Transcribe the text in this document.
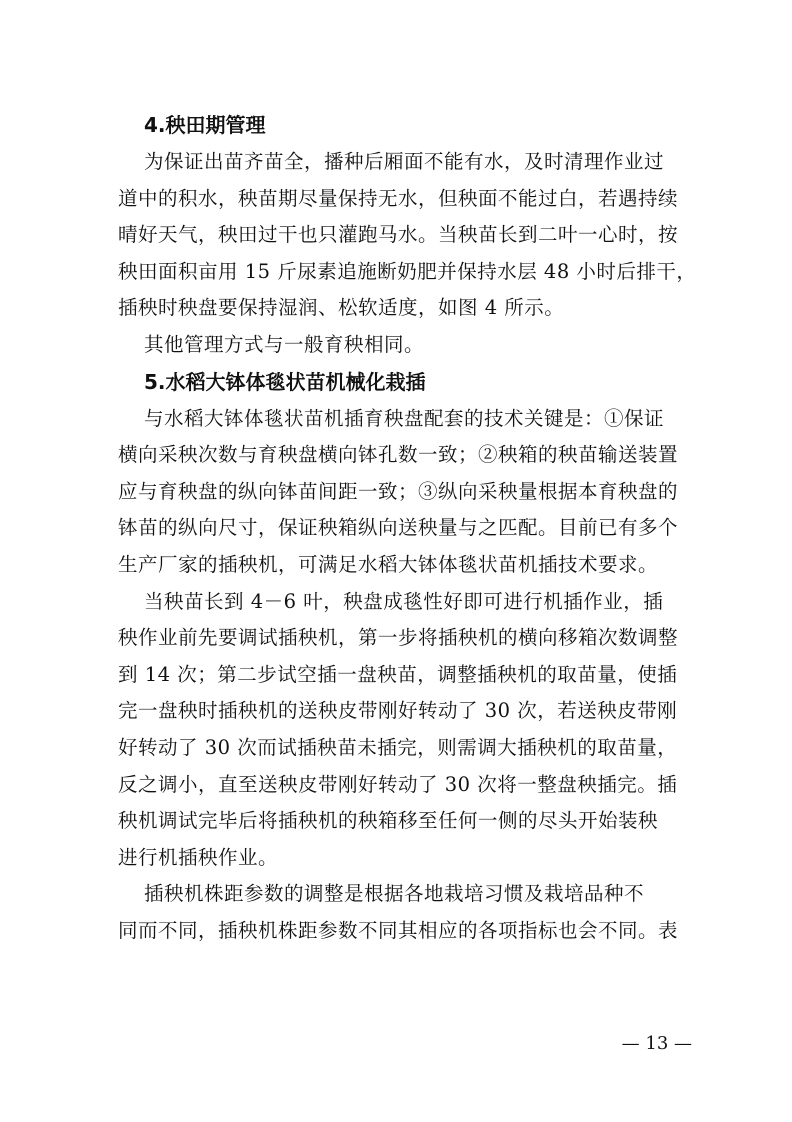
4.秧田期管理

为保证出苗齐苗全，播种后厢面不能有水，及时清理作业过
道中的积水，秧苗期尽量保持无水，但秧面不能过白，若遇持续
晴好天气，秧田过干也只灌跑马水。当秧苗长到二叶一心时，按
秧田面积亩用 15 斤尿素追施断奶肥并保持水层 48 小时后排干，
插秧时秧盘要保持湿润、松软适度，如图 4 所示。

其他管理方式与一般育秧相同。

5.水稻大钵体毯状苗机械化栽插

与水稻大钵体毯状苗机插育秧盘配套的技术关键是：①保证
横向采秧次数与育秧盘横向钵孔数一致；②秧箱的秧苗输送装置
应与育秧盘的纵向钵苗间距一致；③纵向采秧量根据本育秧盘的
钵苗的纵向尺寸，保证秧箱纵向送秧量与之匹配。目前已有多个
生产厂家的插秧机，可满足水稻大钵体毯状苗机插技术要求。

当秧苗长到 4－6 叶，秧盘成毯性好即可进行机插作业，插
秧作业前先要调试插秧机，第一步将插秧机的横向移箱次数调整
到 14 次；第二步试空插一盘秧苗，调整插秧机的取苗量，使插
完一盘秧时插秧机的送秧皮带刚好转动了 30 次，若送秧皮带刚
好转动了 30 次而试插秧苗未插完，则需调大插秧机的取苗量，
反之调小，直至送秧皮带刚好转动了 30 次将一整盘秧插完。插
秧机调试完毕后将插秧机的秧箱移至任何一侧的尽头开始装秧
进行机插秧作业。

插秧机株距参数的调整是根据各地栽培习惯及栽培品种不
同而不同，插秧机株距参数不同其相应的各项指标也会不同。表

— 13 —
